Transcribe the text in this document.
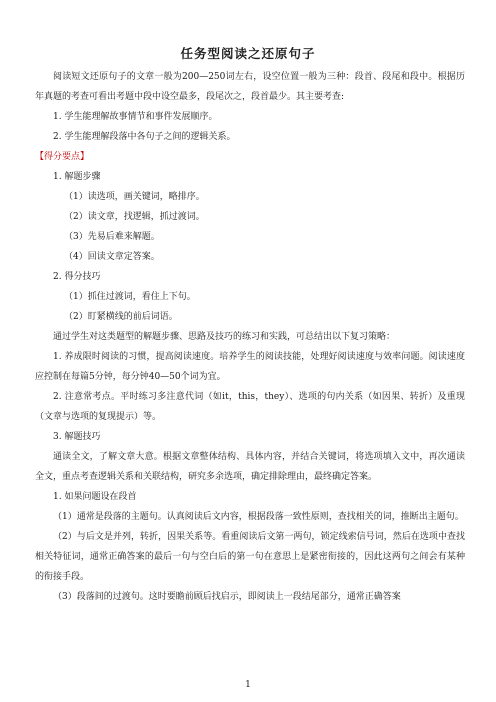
任务型阅读之还原句子

阅读短文还原句子的文章一般为200—250词左右，设空位置一般为三种：段首、段尾和段中。根据历年真题的考查可看出考题中段中设空最多，段尾次之，段首最少。其主要考查:

1. 学生能理解故事情节和事件发展顺序。

2. 学生能理解段落中各句子之间的逻辑关系。

【得分要点】

1. 解题步骤

（1）读选项，画关键词，略排序。

（2）读文章，找逻辑，抓过渡词。

（3）先易后难来解题。

（4）回读文章定答案。

2. 得分技巧

（1）抓住过渡词，看住上下句。

（2）盯紧横线的前后词语。

通过学生对这类题型的解题步骤、思路及技巧的练习和实践，可总结出以下复习策略：

1. 养成限时阅读的习惯，提高阅读速度。培养学生的阅读技能，处理好阅读速度与效率问题。阅读速度应控制在每篇5分钟，每分钟40—50个词为宜。

2. 注意常考点。平时练习多注意代词（如it，this，they）、选项的句内关系（如因果、转折）及重现（文章与选项的复现提示）等。

3. 解题技巧

通读全文，了解文章大意。根据文章整体结构、具体内容，并结合关键词，将选项填入文中，再次通读全文，重点考查逻辑关系和关联结构，研究多余选项，确定排除理由，最终确定答案。

1. 如果问题设在段首

（1）通常是段落的主题句。认真阅读后文内容，根据段落一致性原则，查找相关的词，推断出主题句。

（2）与后文是并列，转折，因果关系等。看重阅读后文第一两句，锁定线索信号词，然后在选项中查找相关特征词，通常正确答案的最后一句与空白后的第一句在意思上是紧密衔接的，因此这两句之间会有某种的衔接手段。

（3）段落间的过渡句。这时要瞻前顾后找启示，即阅读上一段结尾部分，通常正确答案

1
